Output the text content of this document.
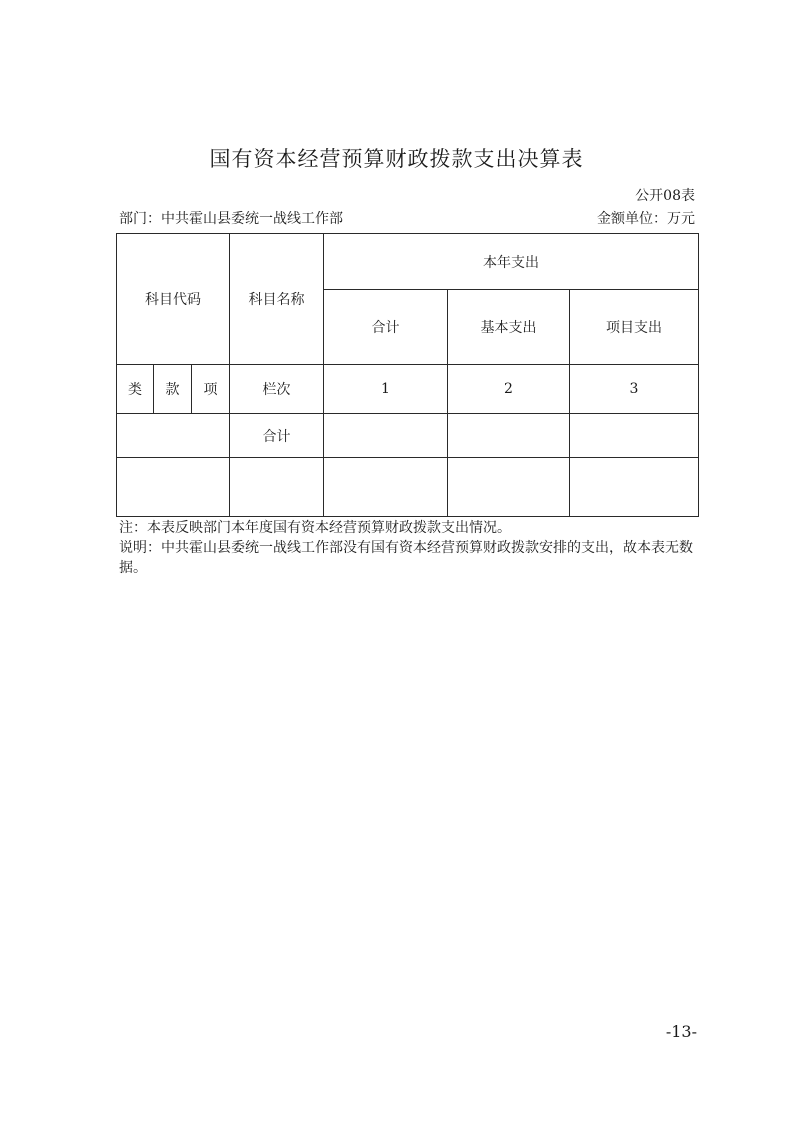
国有资本经营预算财政拨款支出决算表
公开08表
部门：中共霍山县委统一战线工作部	金额单位：万元
科目代码			科目名称	本年支出		
				合计	基本支出	项目支出
类	款	项	栏次	1	2	3
			合计			

注：本表反映部门本年度国有资本经营预算财政拨款支出情况。
说明：中共霍山县委统一战线工作部没有国有资本经营预算财政拨款安排的支出，故本表无数据。
-13-
